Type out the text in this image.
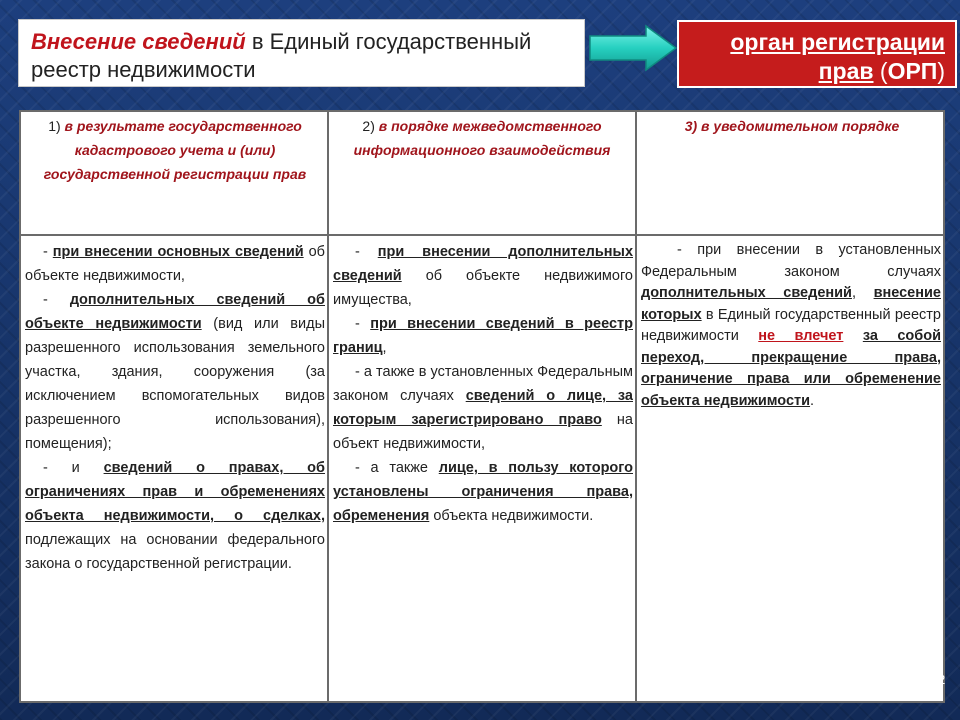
Внесение сведений в Единый государственный реестр недвижимости
орган регистрации
прав (ОРП)
1) в результате государственного кадастрового учета и (или) государственной регистрации прав
2) в порядке межведомственного информационного взаимодействия
3) в уведомительном порядке

- при внесении основных сведений об объекте недвижимости,

- дополнительных сведений об объекте недвижимости (вид или виды разрешенного использования земельного участка, здания, сооружения (за исключением вспомогательных видов разрешенного использования), помещения);

- и сведений о правах, об ограничениях прав и обременениях объекта недвижимости, о сделках, подлежащих на основании федерального закона о государственной регистрации.

- при внесении дополнительных сведений об объекте недвижимого имущества,

- при внесении сведений в реестр границ,

- а также в установленных Федеральным законом случаях сведений о лице, за которым зарегистрировано право на объект недвижимости,

- а также лице, в пользу которого установлены ограничения права, обременения объекта недвижимости.

- при внесении в установленных Федеральным законом случаях дополнительных сведений, внесение которых в Единый государственный реестр недвижимости не влечет за собой переход, прекращение права, ограничение права или обременение объекта недвижимости.

2
